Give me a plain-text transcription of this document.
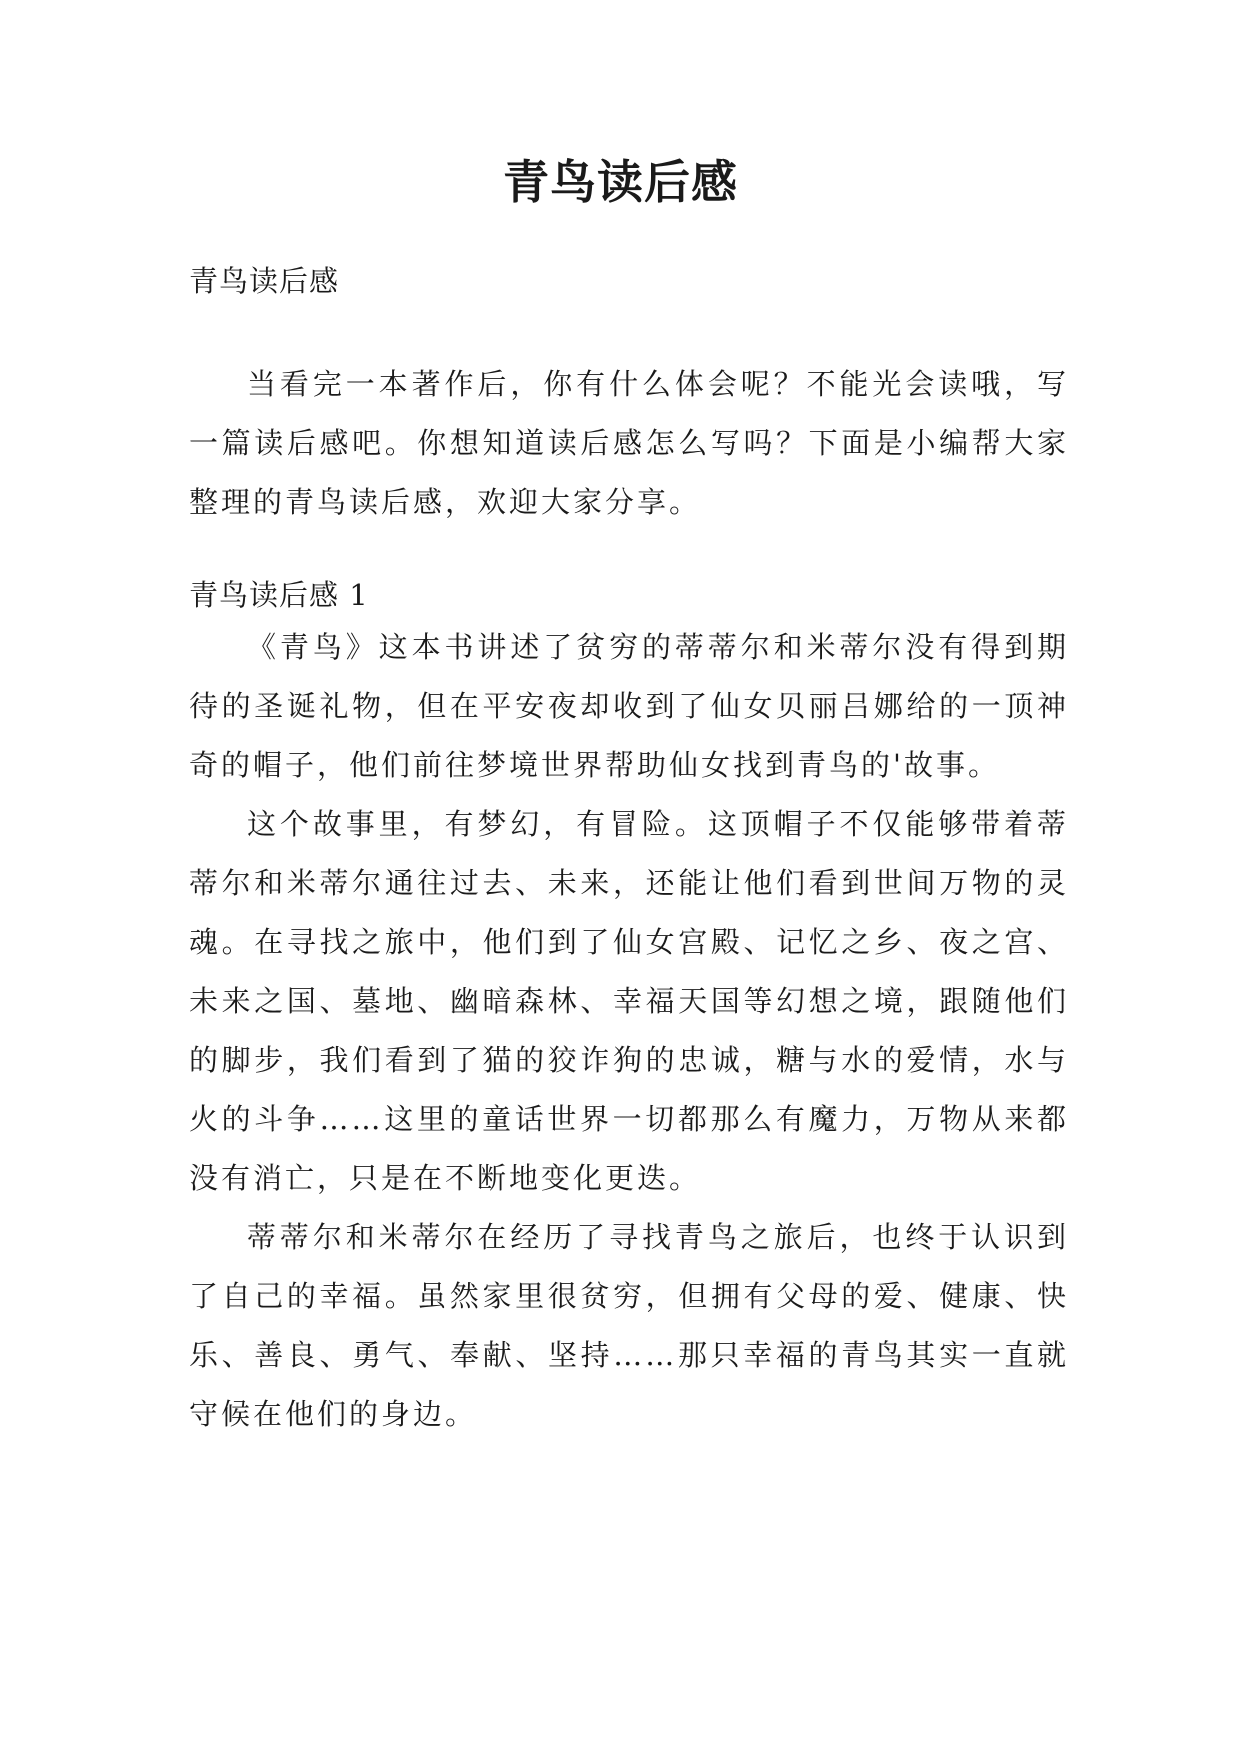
青鸟读后感

青鸟读后感

当看完一本著作后，你有什么体会呢？不能光会读哦，写一篇读后感吧。你想知道读后感怎么写吗？下面是小编帮大家整理的青鸟读后感，欢迎大家分享。

青鸟读后感 1

《青鸟》这本书讲述了贫穷的蒂蒂尔和米蒂尔没有得到期待的圣诞礼物，但在平安夜却收到了仙女贝丽吕娜给的一顶神奇的帽子，他们前往梦境世界帮助仙女找到青鸟的'故事。

这个故事里，有梦幻，有冒险。这顶帽子不仅能够带着蒂蒂尔和米蒂尔通往过去、未来，还能让他们看到世间万物的灵魂。在寻找之旅中，他们到了仙女宫殿、记忆之乡、夜之宫、未来之国、墓地、幽暗森林、幸福天国等幻想之境，跟随他们的脚步，我们看到了猫的狡诈狗的忠诚，糖与水的爱情，水与火的斗争……这里的童话世界一切都那么有魔力，万物从来都没有消亡，只是在不断地变化更迭。

蒂蒂尔和米蒂尔在经历了寻找青鸟之旅后，也终于认识到了自己的幸福。虽然家里很贫穷，但拥有父母的爱、健康、快乐、善良、勇气、奉献、坚持……那只幸福的青鸟其实一直就守候在他们的身边。
